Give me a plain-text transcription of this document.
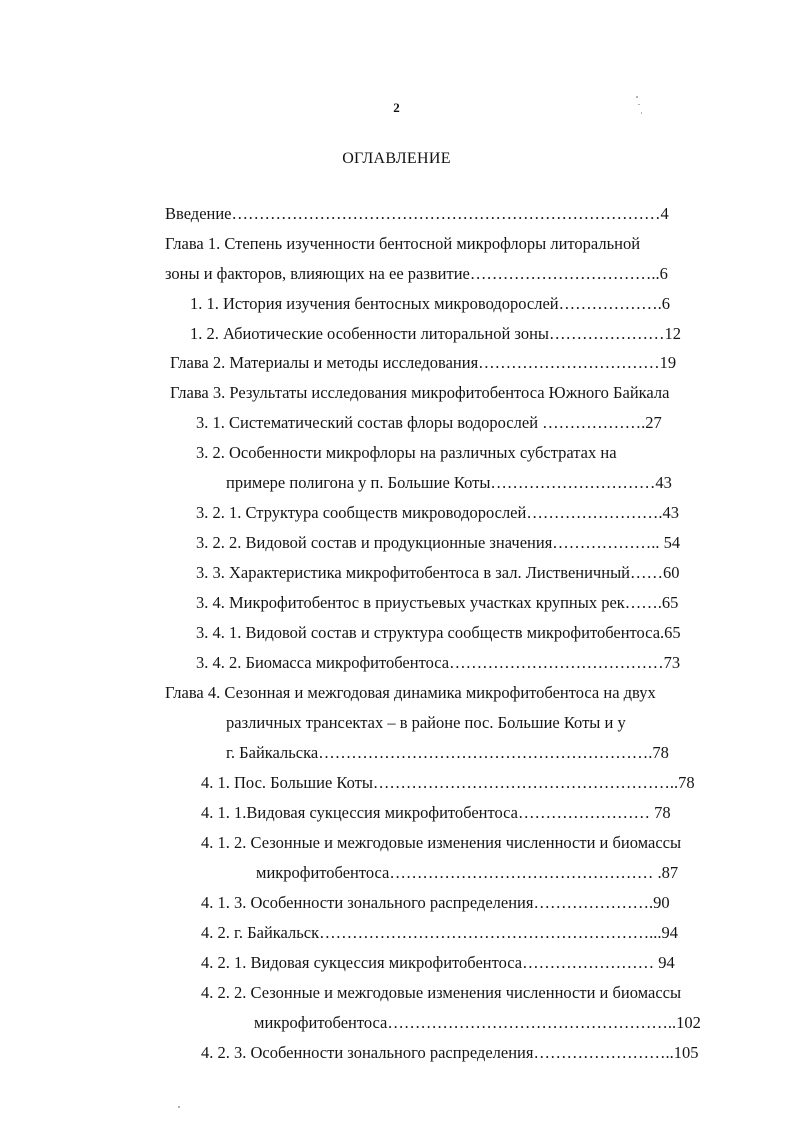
2
ОГЛАВЛЕНИЕ
Введение……………………………………………………………………4
Глава 1. Степень изученности бентосной микрофлоры литоральной
зоны и факторов, влияющих на ее развитие……………………………..6
1. 1. История изучения бентосных микроводорослей……………….6
1. 2. Абиотические особенности литоральной зоны…………………12
Глава 2. Материалы и методы исследования……………………………19
Глава 3. Результаты исследования микрофитобентоса Южного Байкала
3. 1. Систематический состав флоры водорослей ……………….27
3. 2. Особенности микрофлоры на различных субстратах на
примере полигона у п. Большие Коты…………………………43
3. 2. 1. Структура сообществ микроводорослей…………………….43
3. 2. 2. Видовой состав и продукционные значения……………….. 54
3. 3. Характеристика микрофитобентоса в зал. Лиственичный……60
3. 4. Микрофитобентос в приустьевых участках крупных рек…….65
3. 4. 1. Видовой состав и структура сообществ микрофитобентоса.65
3. 4. 2. Биомасса микрофитобентоса…………………………………73
Глава 4. Сезонная и межгодовая динамика микрофитобентоса на двух
различных трансектах – в районе пос. Большие Коты и у
г. Байкальска…………………………………………………….78
4. 1. Пос. Большие Коты………………………………………………..78
4. 1. 1.Видовая сукцессия микрофитобентоса…………………… 78
4. 1. 2. Сезонные и межгодовые изменения численности и биомассы
микрофитобентоса………………………………………… .87
4. 1. 3. Особенности зонального распределения………………….90
4. 2. г. Байкальск……………………………………………………...94
4. 2. 1. Видовая сукцессия микрофитобентоса…………………… 94
4. 2. 2. Сезонные и межгодовые изменения численности и биомассы
микрофитобентоса……………………………………………..102
4. 2. 3. Особенности зонального распределения……………………..105
